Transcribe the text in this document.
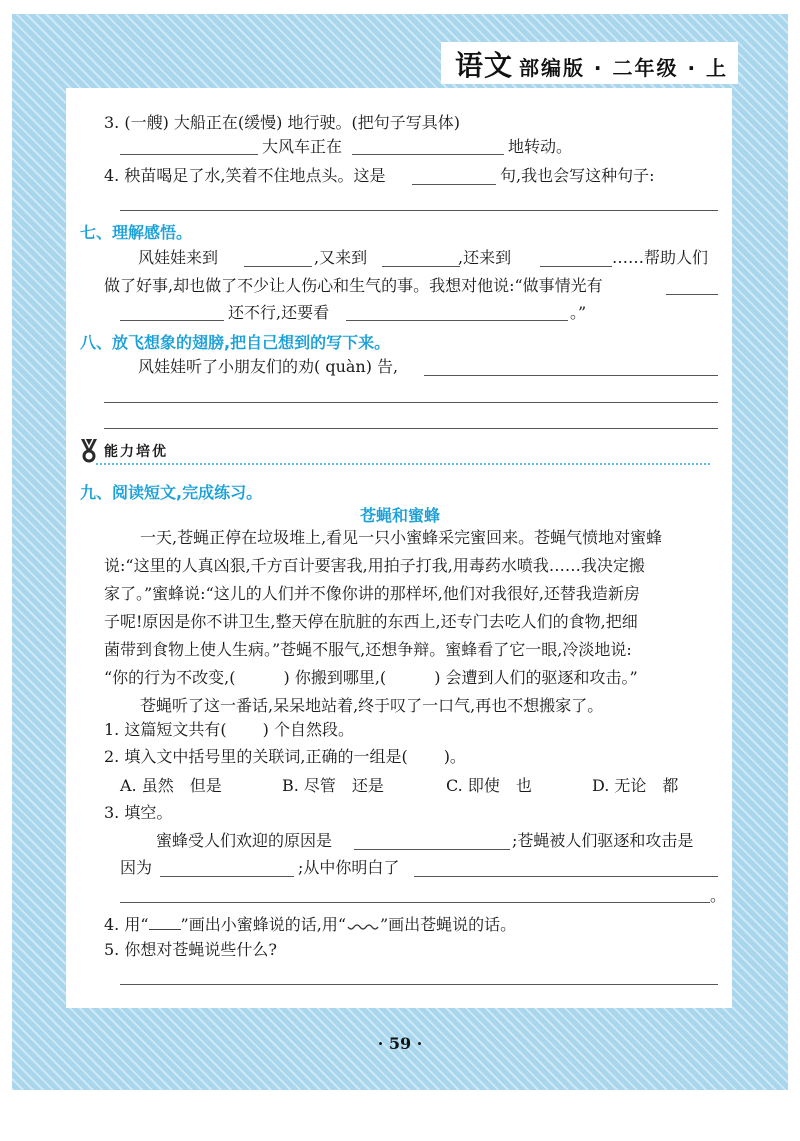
语文 部编版 · 二年级 · 上
3. (一艘) 大船正在(缓慢) 地行驶。(把句子写具体)
大风车正在	地转动。
4. 秧苗喝足了水,笑着不住地点头。这是	句,我也会写这种句子:
七、理解感悟。
风娃娃来到	,又来到	,还来到	……帮助人们
做了好事,却也做了不少让人伤心和生气的事。我想对他说:“做事情光有
还不行,还要看	。”
八、放飞想象的翅膀,把自己想到的写下来。
风娃娃听了小朋友们的劝( quàn) 告,
能力培优
九、阅读短文,完成练习。
苍蝇和蜜蜂
一天,苍蝇正停在垃圾堆上,看见一只小蜜蜂采完蜜回来。苍蝇气愤地对蜜蜂
说:“这里的人真凶狠,千方百计要害我,用拍子打我,用毒药水喷我……我决定搬
家了。”蜜蜂说:“这儿的人们并不像你讲的那样坏,他们对我很好,还替我造新房
子呢!原因是你不讲卫生,整天停在肮脏的东西上,还专门去吃人们的食物,把细
菌带到食物上使人生病。”苍蝇不服气,还想争辩。蜜蜂看了它一眼,冷淡地说:
“你的行为不改变,(	) 你搬到哪里,(	) 会遭到人们的驱逐和攻击。”
苍蝇听了这一番话,呆呆地站着,终于叹了一口气,再也不想搬家了。
1. 这篇短文共有( ) 个自然段。
2. 填入文中括号里的关联词,正确的一组是( )。
A. 虽然　但是	B. 尽管　还是	C. 即使　也	D. 无论　都
3. 填空。
蜜蜂受人们欢迎的原因是	;苍蝇被人们驱逐和攻击是
因为	;从中你明白了
。
4. 用“ ”画出小蜜蜂说的话,用“ ”画出苍蝇说的话。
5. 你想对苍蝇说些什么?
· 59 ·
